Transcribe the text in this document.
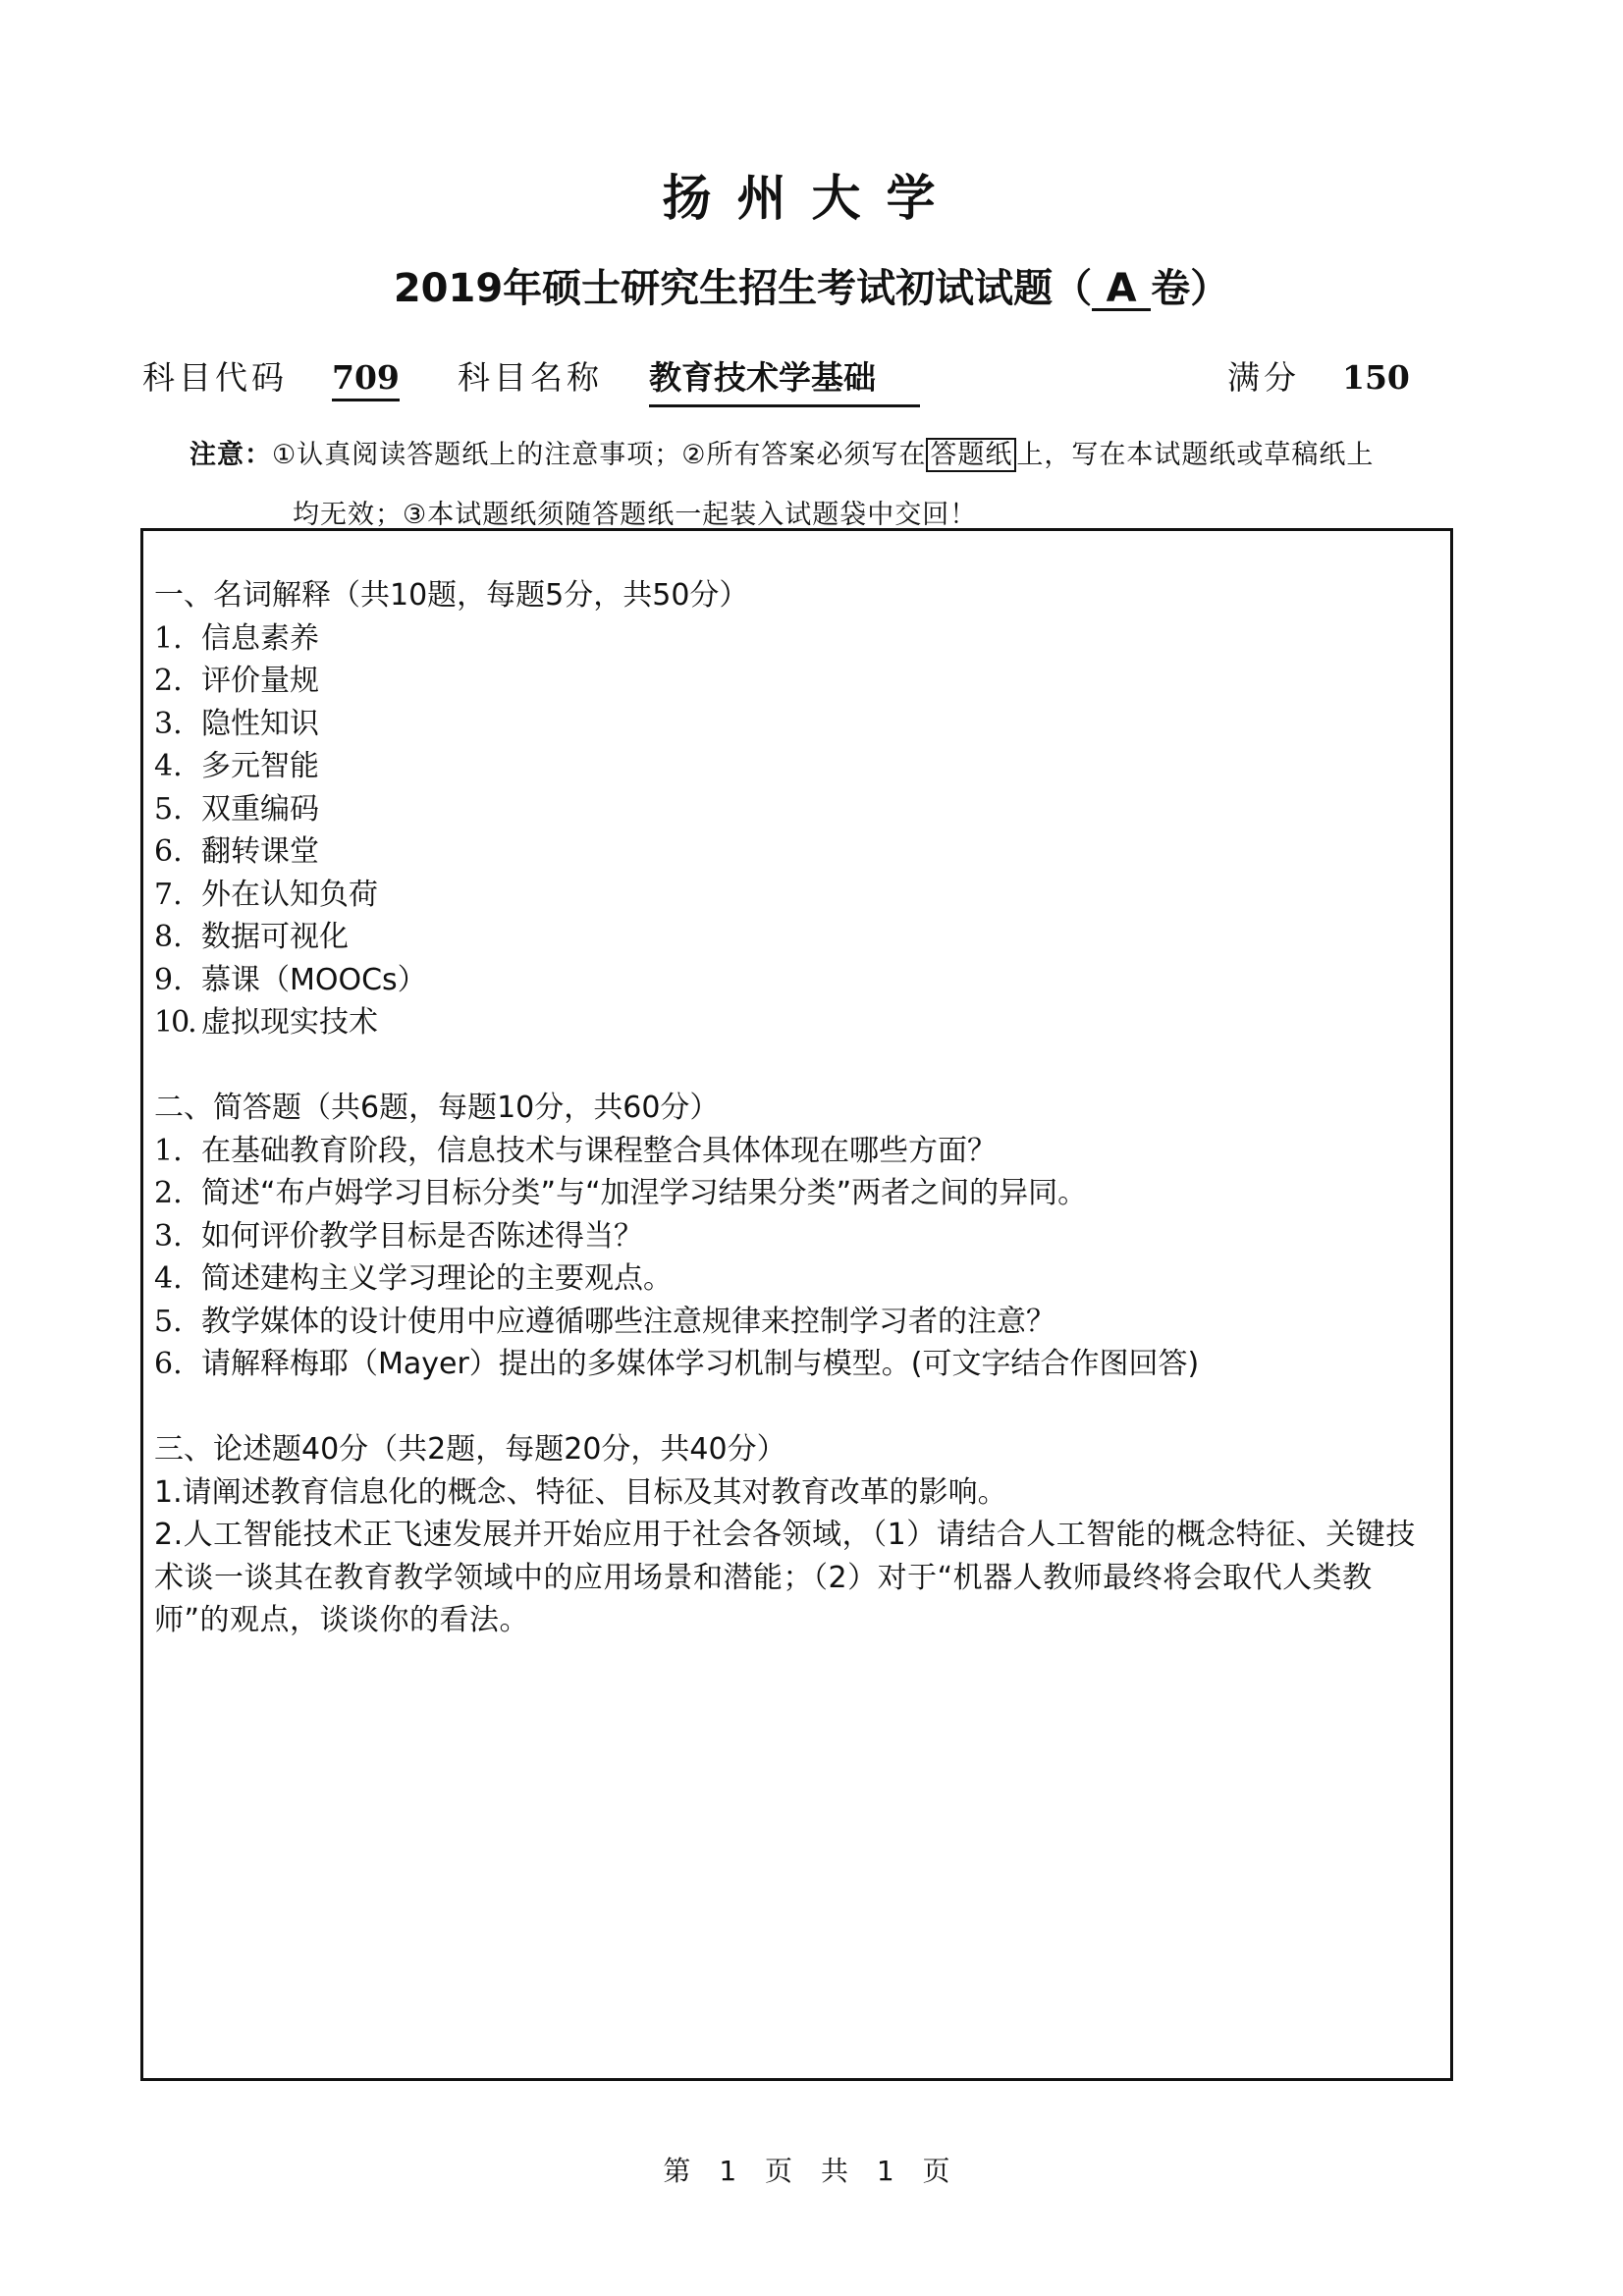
扬州大学
2019年硕士研究生招生考试初试试题（ A 卷）
科目代码 709 科目名称 教育技术学基础	满分 150
注意：①认真阅读答题纸上的注意事项；②所有答案必须写在 答题纸 上，写在本试题纸或草稿纸上
均无效；③本试题纸须随答题纸一起装入试题袋中交回！
一、名词解释（共10题，每题5分，共50分）
1. 信息素养
2. 评价量规
3. 隐性知识
4. 多元智能
5. 双重编码
6. 翻转课堂
7. 外在认知负荷
8. 数据可视化
9. 慕课（MOOCs）
10. 虚拟现实技术
二、简答题（共6题，每题10分，共60分）
1. 在基础教育阶段，信息技术与课程整合具体体现在哪些方面？
2. 简述“布卢姆学习目标分类”与“加涅学习结果分类”两者之间的异同。
3. 如何评价教学目标是否陈述得当？
4. 简述建构主义学习理论的主要观点。
5. 教学媒体的设计使用中应遵循哪些注意规律来控制学习者的注意？
6. 请解释梅耶（Mayer）提出的多媒体学习机制与模型。(可文字结合作图回答)
三、论述题40分（共2题，每题20分，共40分）
1.请阐述教育信息化的概念、特征、目标及其对教育改革的影响。
2.人工智能技术正飞速发展并开始应用于社会各领域，（1）请结合人工智能的概念特征、关键技术谈一谈其在教育教学领域中的应用场景和潜能；（2）对于“机器人教师最终将会取代人类教师”的观点，谈谈你的看法。
第 1 页 共 1 页
